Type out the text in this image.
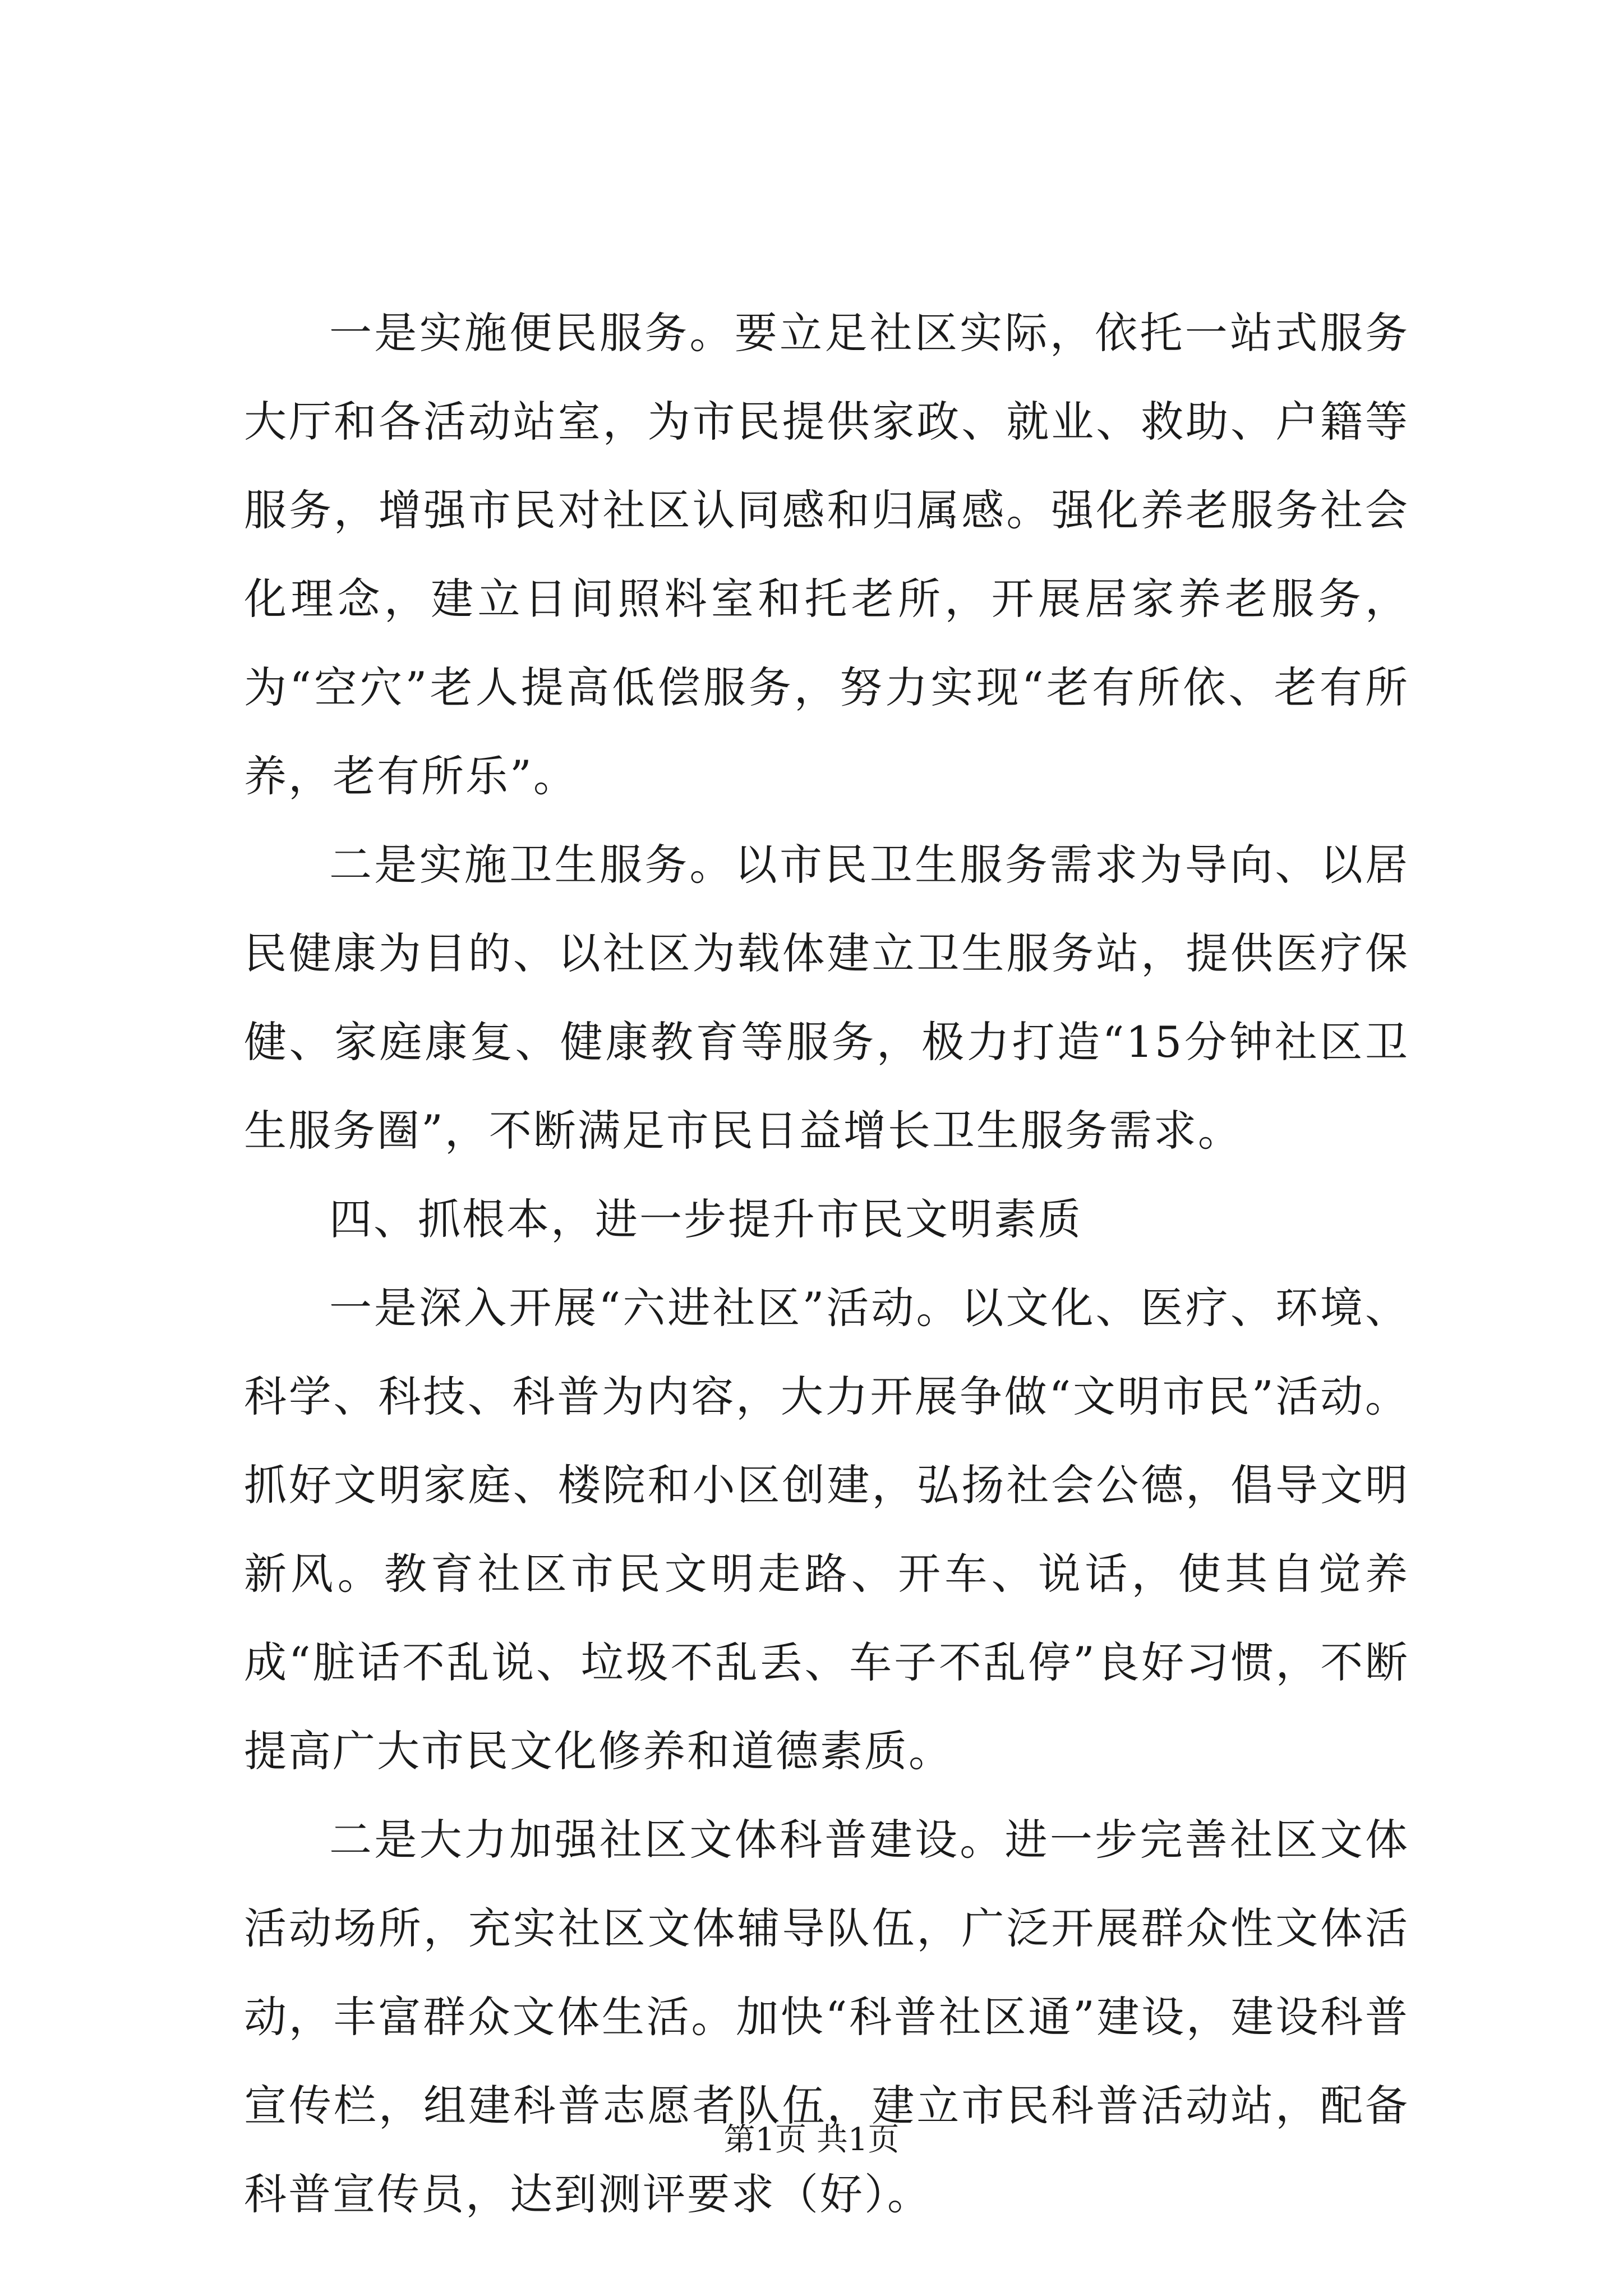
一是实施便民服务。要立足社区实际，依托一站式服务大厅和各活动站室，为市民提供家政、就业、救助、户籍等服务，增强市民对社区认同感和归属感。强化养老服务社会化理念，建立日间照料室和托老所，开展居家养老服务，为“空穴”老人提高低偿服务，努力实现“老有所依、老有所养，老有所乐”。

二是实施卫生服务。以市民卫生服务需求为导向、以居民健康为目的、以社区为载体建立卫生服务站，提供医疗保健、家庭康复、健康教育等服务，极力打造“15分钟社区卫生服务圈”，不断满足市民日益增长卫生服务需求。

四、抓根本，进一步提升市民文明素质

一是深入开展“六进社区”活动。以文化、医疗、环境、科学、科技、科普为内容，大力开展争做“文明市民”活动。抓好文明家庭、楼院和小区创建，弘扬社会公德，倡导文明新风。教育社区市民文明走路、开车、说话，使其自觉养成“脏话不乱说、垃圾不乱丢、车子不乱停”良好习惯，不断提高广大市民文化修养和道德素质。

二是大力加强社区文体科普建设。进一步完善社区文体活动场所，充实社区文体辅导队伍，广泛开展群众性文体活动，丰富群众文体生活。加快“科普社区通”建设，建设科普宣传栏，组建科普志愿者队伍，建立市民科普活动站，配备科普宣传员，达到测评要求（好）。

第1页 共1页
